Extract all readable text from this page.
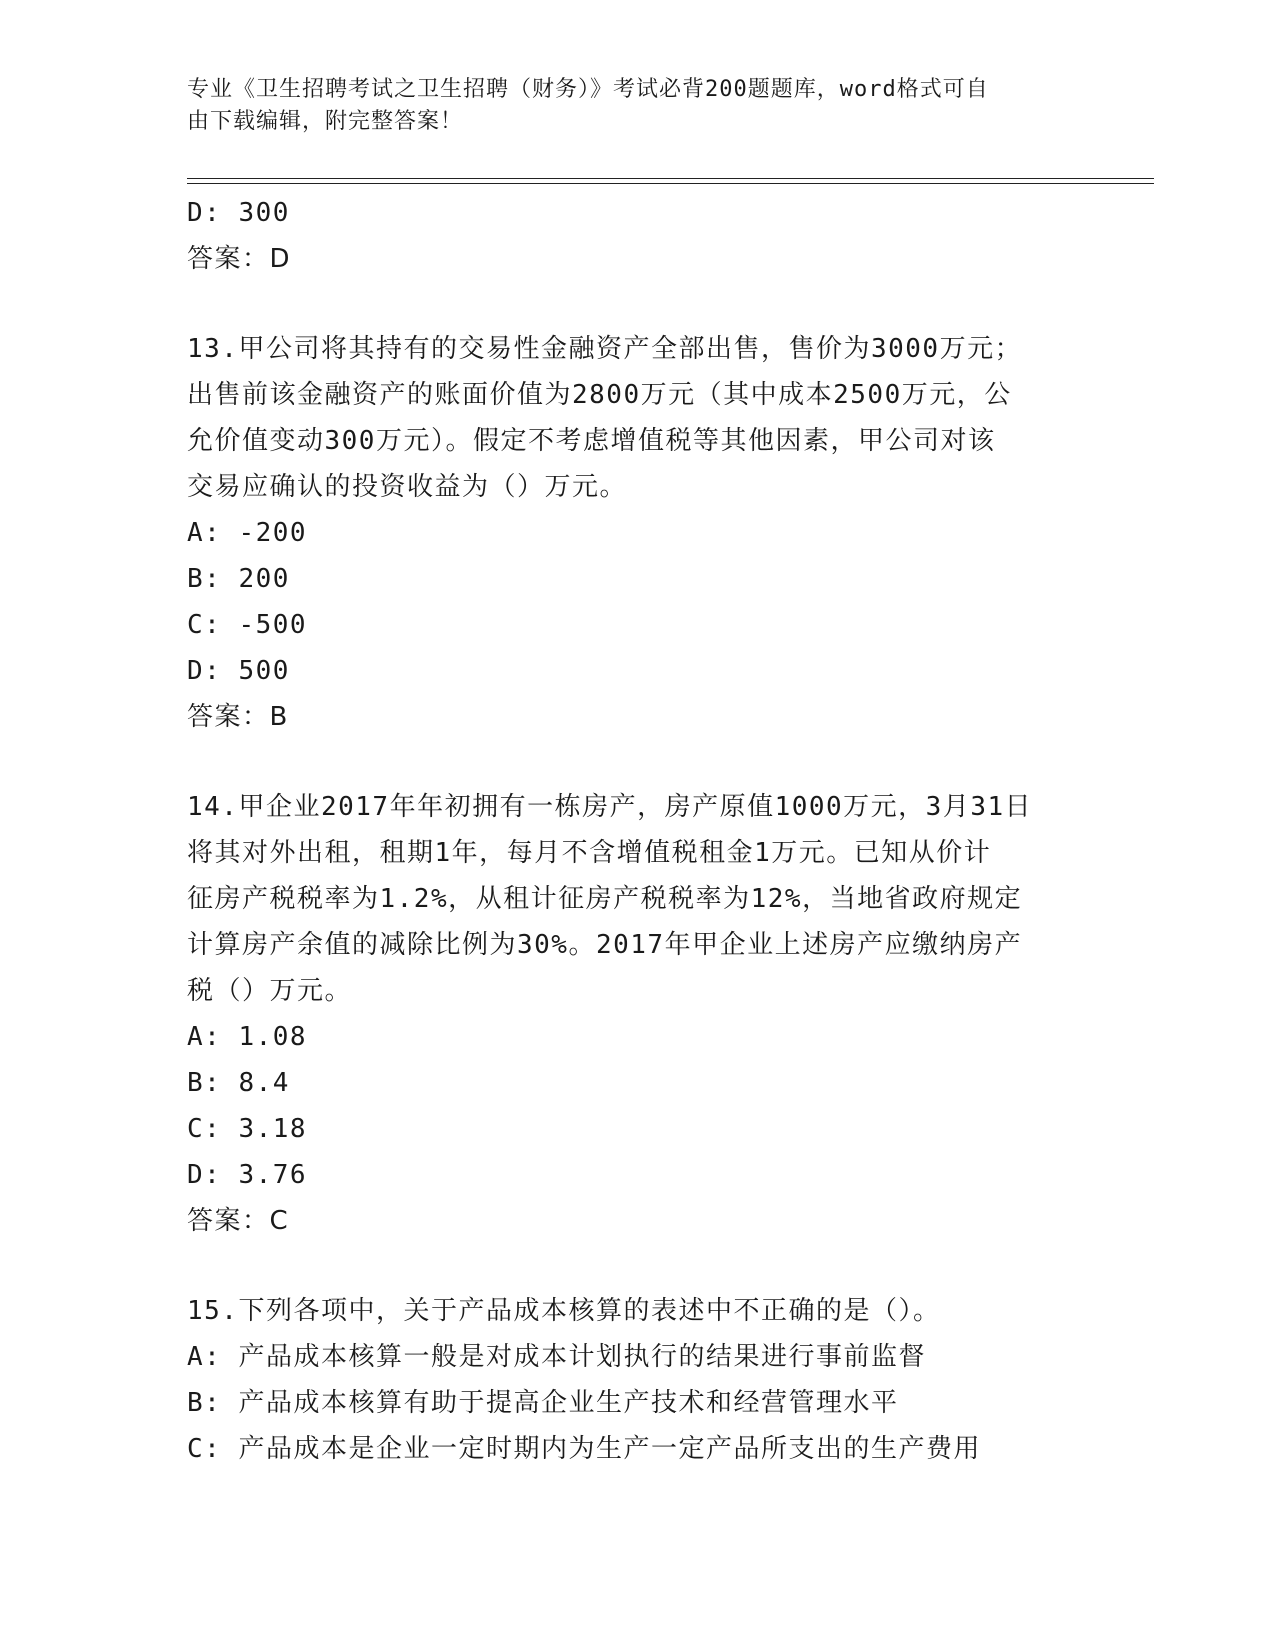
专业《卫生招聘考试之卫生招聘（财务）》考试必背200题题库，word格式可自
由下载编辑，附完整答案！
D: 300
答案：D
13.甲公司将其持有的交易性金融资产全部出售，售价为3000万元；
出售前该金融资产的账面价值为2800万元（其中成本2500万元，公
允价值变动300万元）。假定不考虑增值税等其他因素，甲公司对该
交易应确认的投资收益为（）万元。
A: -200
B: 200
C: -500
D: 500
答案：B
14.甲企业2017年年初拥有一栋房产，房产原值1000万元，3月31日
将其对外出租，租期1年，每月不含增值税租金1万元。已知从价计
征房产税税率为1.2%，从租计征房产税税率为12%，当地省政府规定
计算房产余值的减除比例为30%。2017年甲企业上述房产应缴纳房产
税（）万元。
A: 1.08
B: 8.4
C: 3.18
D: 3.76
答案：C
15.下列各项中，关于产品成本核算的表述中不正确的是（）。
A: 产品成本核算一般是对成本计划执行的结果进行事前监督
B: 产品成本核算有助于提高企业生产技术和经营管理水平
C: 产品成本是企业一定时期内为生产一定产品所支出的生产费用
